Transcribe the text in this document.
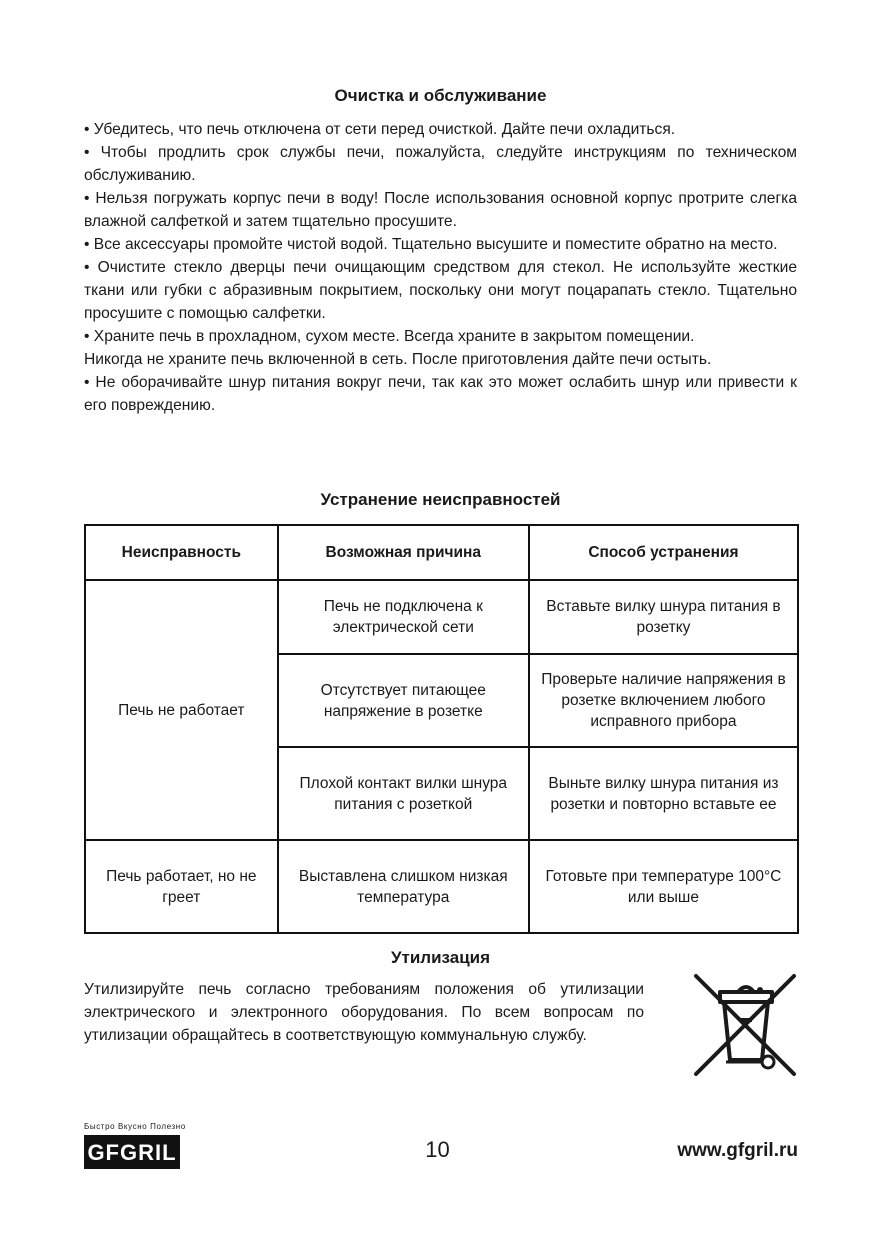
Очистка и обслуживание

• Убедитесь, что печь отключена от сети перед очисткой. Дайте печи охладиться.

• Чтобы продлить срок службы печи, пожалуйста, следуйте инструкциям по техническом обслуживанию.

• Нельзя погружать корпус печи в воду! После использования основной корпус протрите слегка влажной салфеткой и затем тщательно просушите.

• Все аксессуары промойте чистой водой. Тщательно высушите и поместите обратно на место.

• Очистите стекло дверцы печи очищающим средством для стекол. Не используйте жесткие ткани или губки с абразивным покрытием, поскольку они могут поцарапать стекло. Тщательно просушите с помощью салфетки.

• Храните печь в прохладном, сухом месте. Всегда храните в закрытом помещении.

Никогда не храните печь включенной в сеть. После приготовления дайте печи остыть.

• Не оборачивайте шнур питания вокруг печи, так как это может ослабить шнур или привести к его повреждению.

Устранение неисправностей
Неисправность	Возможная причина	Способ устранения
Печь не работает	Печь не подключена к электрической сети	Вставьте вилку шнура питания в розетку
	Отсутствует питающее напряжение в розетке	Проверьте наличие напряжения в розетке включением любого исправного прибора
	Плохой контакт вилки шнура питания с розеткой	Выньте вилку шнура питания из розетки и повторно вставьте ее
Печь работает, но не греет	Выставлена слишком низкая температура	Готовьте при температуре 100°C или выше
Утилизация

Утилизируйте печь согласно требованиям положения об утилизации электрического и электронного оборудования. По всем вопросам по утилизации обращайтесь в соответствующую коммунальную службу.

Быстро Вкусно Полезно
GFGRIL	10	www.gfgril.ru
